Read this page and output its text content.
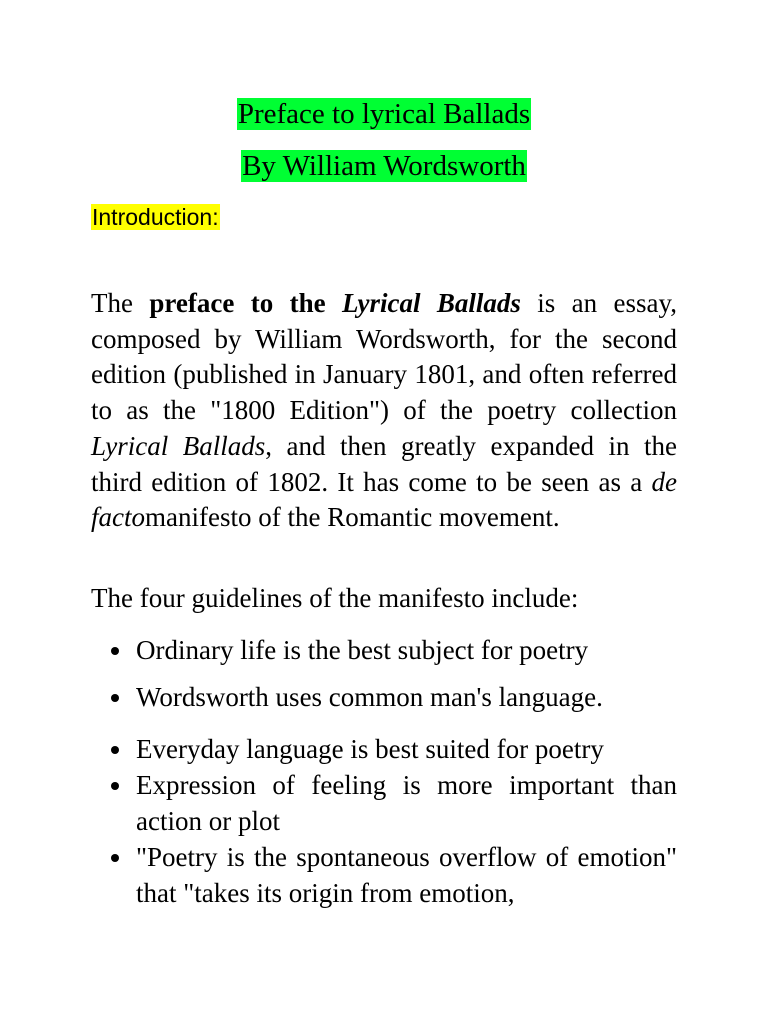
Preface to lyrical Ballads
By William Wordsworth
Introduction:

The preface to the Lyrical Ballads is an essay, composed by William Wordsworth, for the second edition (published in January 1801, and often referred to as the "1800 Edition") of the poetry collection Lyrical Ballads, and then greatly expanded in the third edition of 1802. It has come to be seen as a de factomanifesto of the Romantic movement.

The four guidelines of the manifesto include:
Ordinary life is the best subject for poetry
Wordsworth uses common man's language.
Everyday language is best suited for poetry
Expression of feeling is more important than action or plot
"Poetry is the spontaneous overflow of emotion" that "takes its origin from emotion,
